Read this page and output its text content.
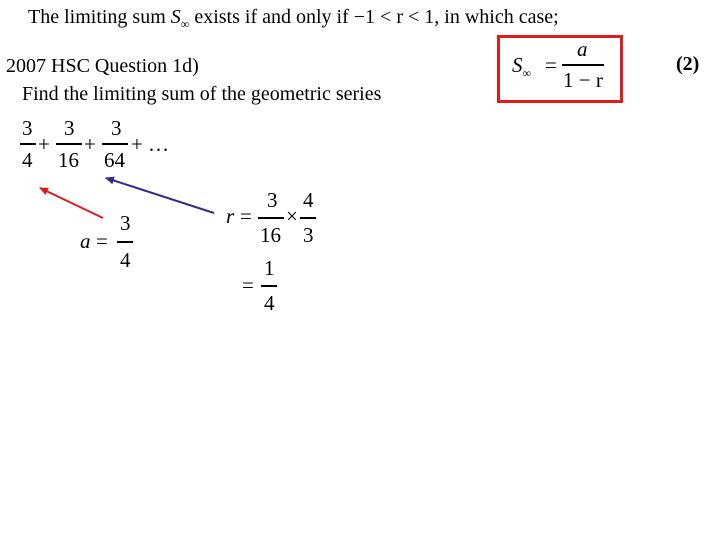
The limiting sum $S_\infty$ exists if and only if −1 < r < 1, in which case;
$S_\infty$ =
a
1 − r
(2)
2007 HSC Question 1d)
Find the limiting sum of the geometric series
3
4
+
3
16
+
3
64
+ …
a =
3
4
r =
3
16
×
4
3
=
1
4
